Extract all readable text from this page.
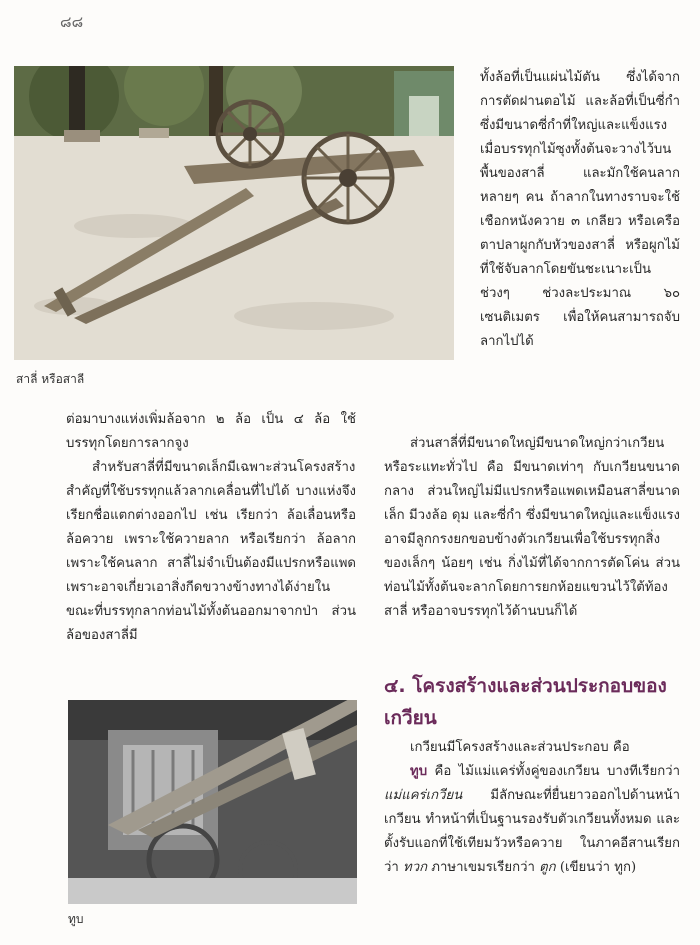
๘๘
สาลี่ หรือสาลี

ทั้งล้อที่เป็นแผ่นไม้ตัน ซึ่งได้จากการตัดฝานตอไม้ และล้อที่เป็นซี่กำ ซึ่งมีขนาดซี่กำที่ใหญ่และแข็งแรง เมื่อบรรทุกไม้ซุงทั้งต้นจะวางไว้บนพื้นของสาลี่ และมักใช้คนลากหลายๆ คน ถ้าลากในทางราบจะใช้เชือกหนังควาย ๓ เกลียว หรือเครือตาปลาผูกกับหัวของสาลี่ หรือผูกไม้ที่ใช้จับลากโดยขันชะเนาะเป็นช่วงๆ ช่วงละประมาณ ๖๐ เซนติเมตร เพื่อให้คนสามารถจับลากไปได้

ต่อมาบางแห่งเพิ่มล้อจาก ๒ ล้อ เป็น ๔ ล้อ ใช้บรรทุกโดยการลากจูง

สำหรับสาลี่ที่มีขนาดเล็กมีเฉพาะส่วนโครงสร้างสำคัญที่ใช้บรรทุกแล้วลากเคลื่อนที่ไปได้ บางแห่งจึงเรียกชื่อแตกต่างออกไป เช่น เรียกว่า ล้อเลื่อนหรือล้อควาย เพราะใช้ควายลาก หรือเรียกว่า ล้อลาก เพราะใช้คนลาก สาลี่ไม่จำเป็นต้องมีแปรกหรือแพด เพราะอาจเกี่ยวเอาสิ่งกีดขวางข้างทางได้ง่ายในขณะที่บรรทุกลากท่อนไม้ทั้งต้นออกมาจากป่า ส่วนล้อของสาลี่มี

ส่วนสาลี่ที่มีขนาดใหญ่มีขนาดใหญ่กว่าเกวียนหรือระแทะทั่วไป คือ มีขนาดเท่าๆ กับเกวียนขนาดกลาง ส่วนใหญ่ไม่มีแปรกหรือแพดเหมือนสาลี่ขนาดเล็ก มีวงล้อ ดุม และซี่กำ ซึ่งมีขนาดใหญ่และแข็งแรง อาจมีลูกกรงยกขอบข้างตัวเกวียนเพื่อใช้บรรทุกสิ่งของเล็กๆ น้อยๆ เช่น กิ่งไม้ที่ได้จากการตัดโค่น ส่วนท่อนไม้ทั้งต้นจะลากโดยการยกห้อยแขวนไว้ใต้ท้องสาลี่ หรืออาจบรรทุกไว้ด้านบนก็ได้

๔. โครงสร้างและส่วนประกอบของเกวียน

เกวียนมีโครงสร้างและส่วนประกอบ คือ

ทูบ คือ ไม้แม่แคร่ทั้งคู่ของเกวียน บางทีเรียกว่า แม่แคร่เกวียน มีลักษณะที่ยื่นยาวออกไปด้านหน้าเกวียน ทำหน้าที่เป็นฐานรองรับตัวเกวียนทั้งหมด และตั้งรับแอกที่ใช้เทียมวัวหรือควาย ในภาคอีสานเรียกว่า ทวก ภาษาเขมรเรียกว่า ตูก (เขียนว่า ทูก)

ทูบ
